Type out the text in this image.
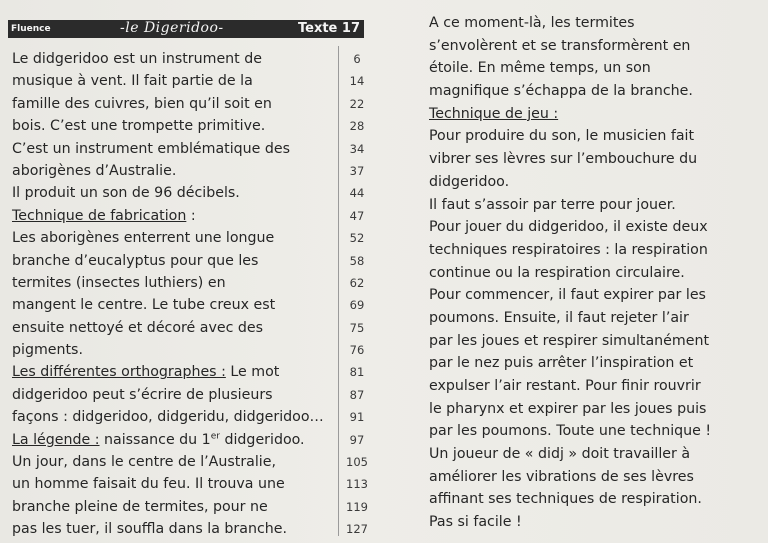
Fluence	-le Digeridoo-	Texte 17
Le didgeridoo est un instrument de	6
musique à vent. Il fait partie de la	14
famille des cuivres, bien qu’il soit en	22
bois. C’est une trompette primitive.	28
C’est un instrument emblématique des	34
aborigènes d’Australie.	37
Il produit un son de 96 décibels.	44
Technique de fabrication :	47
Les aborigènes enterrent une longue	52
branche d’eucalyptus pour que les	58
termites (insectes luthiers) en	62
mangent le centre. Le tube creux est	69
ensuite nettoyé et décoré avec des	75
pigments.	76
Les différentes orthographes : Le mot	81
didgeridoo peut s’écrire de plusieurs	87
façons : didgeridoo, didgeridu, didgeridoo…	91
La légende : naissance du 1er didgeridoo.	97
Un jour, dans le centre de l’Australie,	105
un homme faisait du feu. Il trouva une	113
branche pleine de termites, pour ne	119
pas les tuer, il souffla dans la branche.	127
A ce moment-là, les termites
s’envolèrent et se transformèrent en
étoile. En même temps, un son
magnifique s’échappa de la branche.
Technique de jeu :
Pour produire du son, le musicien fait
vibrer ses lèvres sur l’embouchure du
didgeridoo.
Il faut s’assoir par terre pour jouer.
Pour jouer du didgeridoo, il existe deux
techniques respiratoires : la respiration
continue ou la respiration circulaire.
Pour commencer, il faut expirer par les
poumons. Ensuite, il faut rejeter l’air
par les joues et respirer simultanément
par le nez puis arrêter l’inspiration et
expulser l’air restant. Pour finir rouvrir
le pharynx et expirer par les joues puis
par les poumons. Toute une technique !
Un joueur de « didj » doit travailler à
améliorer les vibrations de ses lèvres
affinant ses techniques de respiration.
Pas si facile !
